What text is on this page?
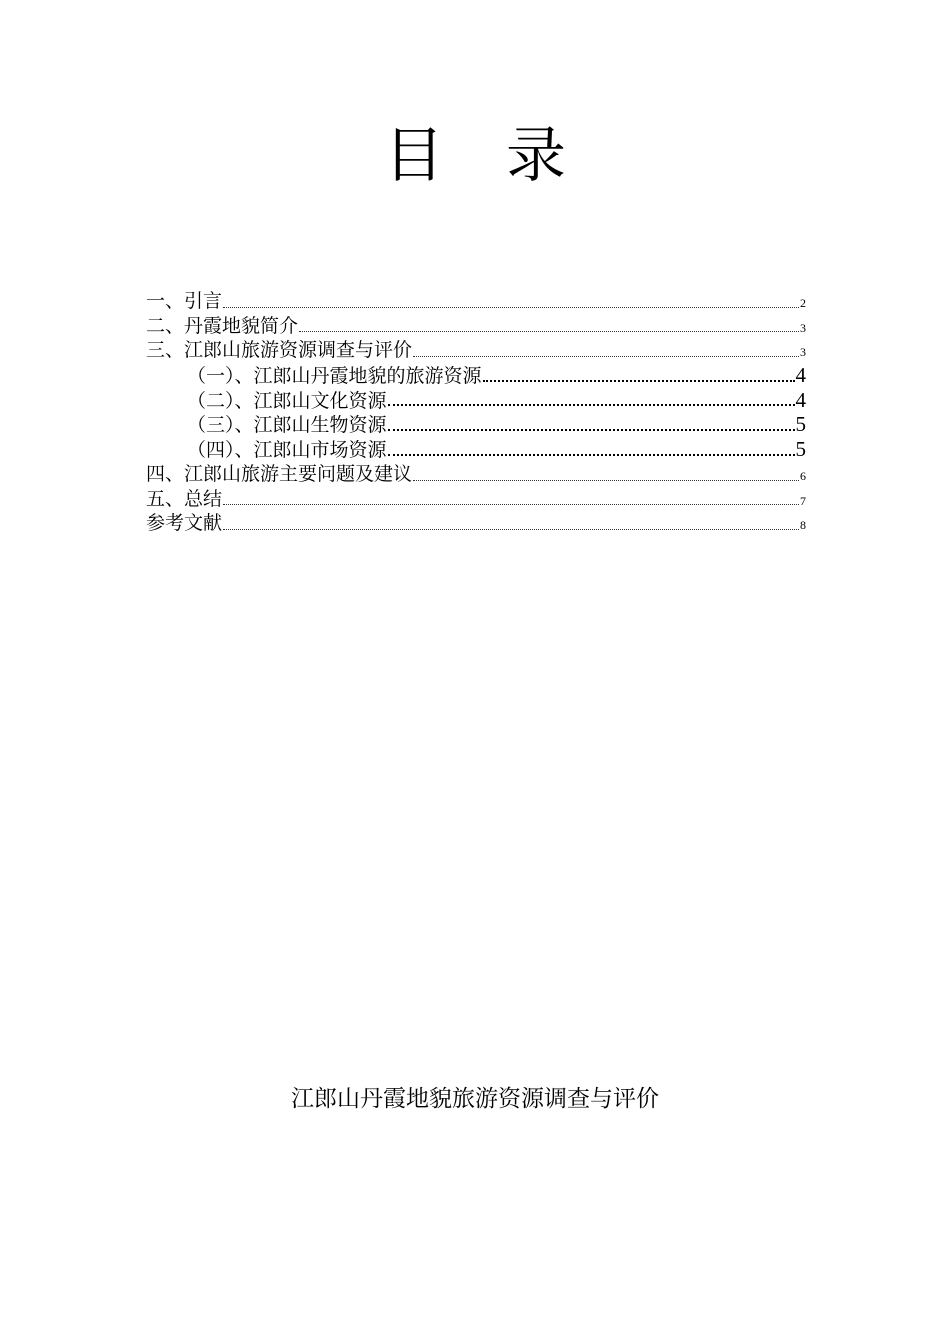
目录
一、引言	2
二、丹霞地貌简介	3
三、江郎山旅游资源调查与评价	3
（一）、江郎山丹霞地貌的旅游资源	4
（二）、江郎山文化资源	4
（三）、江郎山生物资源	5
（四）、江郎山市场资源	5
四、江郎山旅游主要问题及建议	6
五、总结	7
参考文献	8
江郎山丹霞地貌旅游资源调查与评价
